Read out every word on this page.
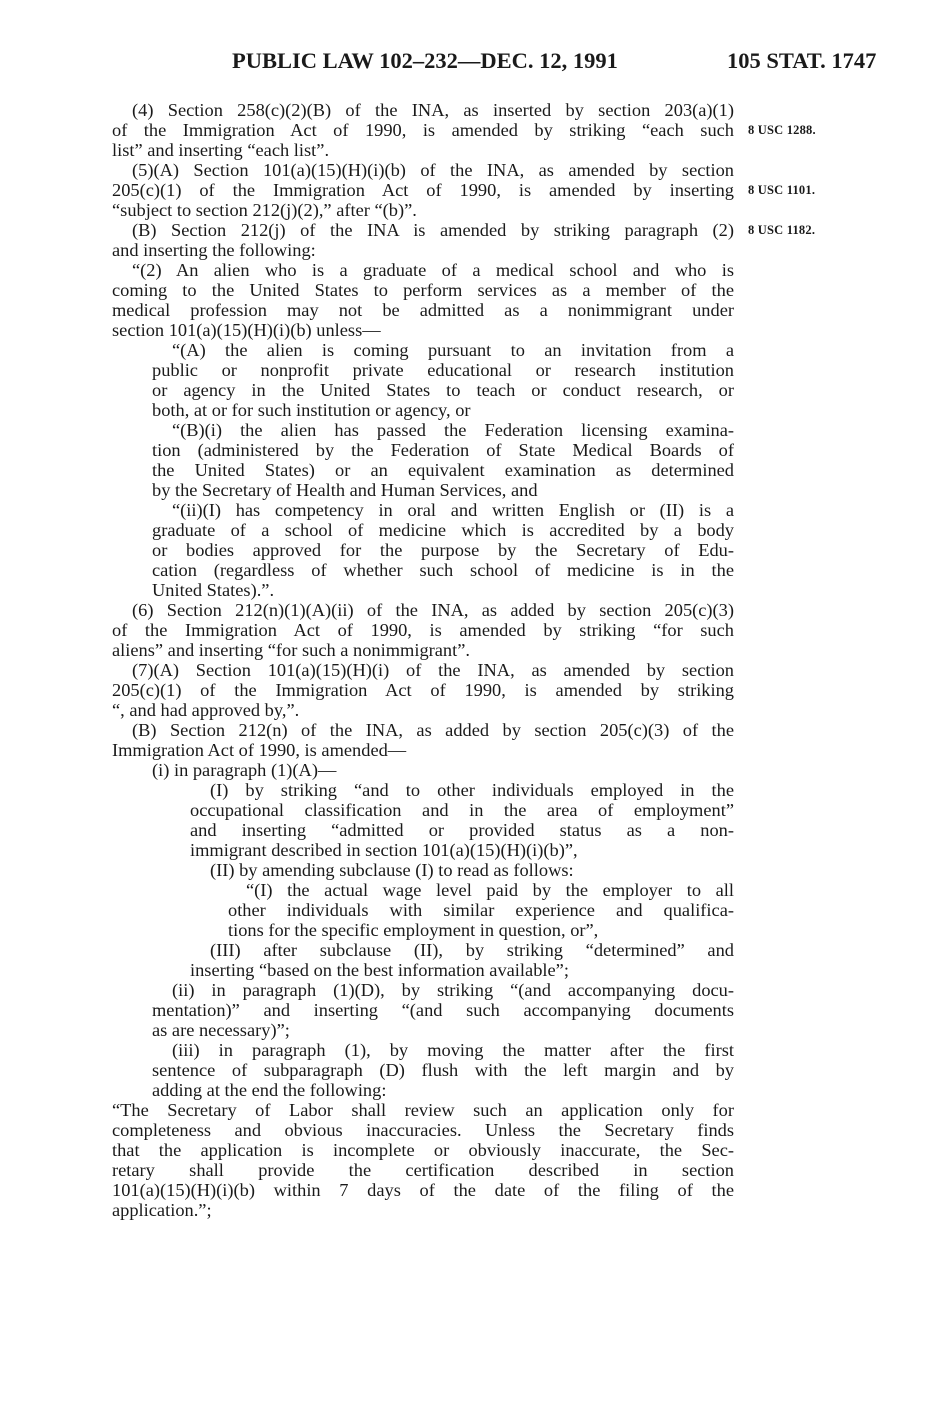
PUBLIC LAW 102–232—DEC. 12, 1991	105 STAT. 1747
8 USC 1288.
8 USC 1101.
8 USC 1182.
(4) Section 258(c)(2)(B) of the INA, as inserted by section 203(a)(1)
of the Immigration Act of 1990, is amended by striking “each such
list” and inserting “each list”.
(5)(A) Section 101(a)(15)(H)(i)(b) of the INA, as amended by section
205(c)(1) of the Immigration Act of 1990, is amended by inserting
“subject to section 212(j)(2),” after “(b)”.
(B) Section 212(j) of the INA is amended by striking paragraph (2)
and inserting the following:
“(2) An alien who is a graduate of a medical school and who is
coming to the United States to perform services as a member of the
medical profession may not be admitted as a nonimmigrant under
section 101(a)(15)(H)(i)(b) unless—
“(A) the alien is coming pursuant to an invitation from a
public or nonprofit private educational or research institution
or agency in the United States to teach or conduct research, or
both, at or for such institution or agency, or
“(B)(i) the alien has passed the Federation licensing examina-
tion (administered by the Federation of State Medical Boards of
the United States) or an equivalent examination as determined
by the Secretary of Health and Human Services, and
“(ii)(I) has competency in oral and written English or (II) is a
graduate of a school of medicine which is accredited by a body
or bodies approved for the purpose by the Secretary of Edu-
cation (regardless of whether such school of medicine is in the
United States).”.
(6) Section 212(n)(1)(A)(ii) of the INA, as added by section 205(c)(3)
of the Immigration Act of 1990, is amended by striking “for such
aliens” and inserting “for such a nonimmigrant”.
(7)(A) Section 101(a)(15)(H)(i) of the INA, as amended by section
205(c)(1) of the Immigration Act of 1990, is amended by striking
“, and had approved by,”.
(B) Section 212(n) of the INA, as added by section 205(c)(3) of the
Immigration Act of 1990, is amended—
(i) in paragraph (1)(A)—
(I) by striking “and to other individuals employed in the
occupational classification and in the area of employment”
and inserting “admitted or provided status as a non-
immigrant described in section 101(a)(15)(H)(i)(b)”,
(II) by amending subclause (I) to read as follows:
“(I) the actual wage level paid by the employer to all
other individuals with similar experience and qualifica-
tions for the specific employment in question, or”,
(III) after subclause (II), by striking “determined” and
inserting “based on the best information available”;
(ii) in paragraph (1)(D), by striking “(and accompanying docu-
mentation)” and inserting “(and such accompanying documents
as are necessary)”;
(iii) in paragraph (1), by moving the matter after the first
sentence of subparagraph (D) flush with the left margin and by
adding at the end the following:
“The Secretary of Labor shall review such an application only for
completeness and obvious inaccuracies. Unless the Secretary finds
that the application is incomplete or obviously inaccurate, the Sec-
retary shall provide the certification described in section
101(a)(15)(H)(i)(b) within 7 days of the date of the filing of the
application.”;
